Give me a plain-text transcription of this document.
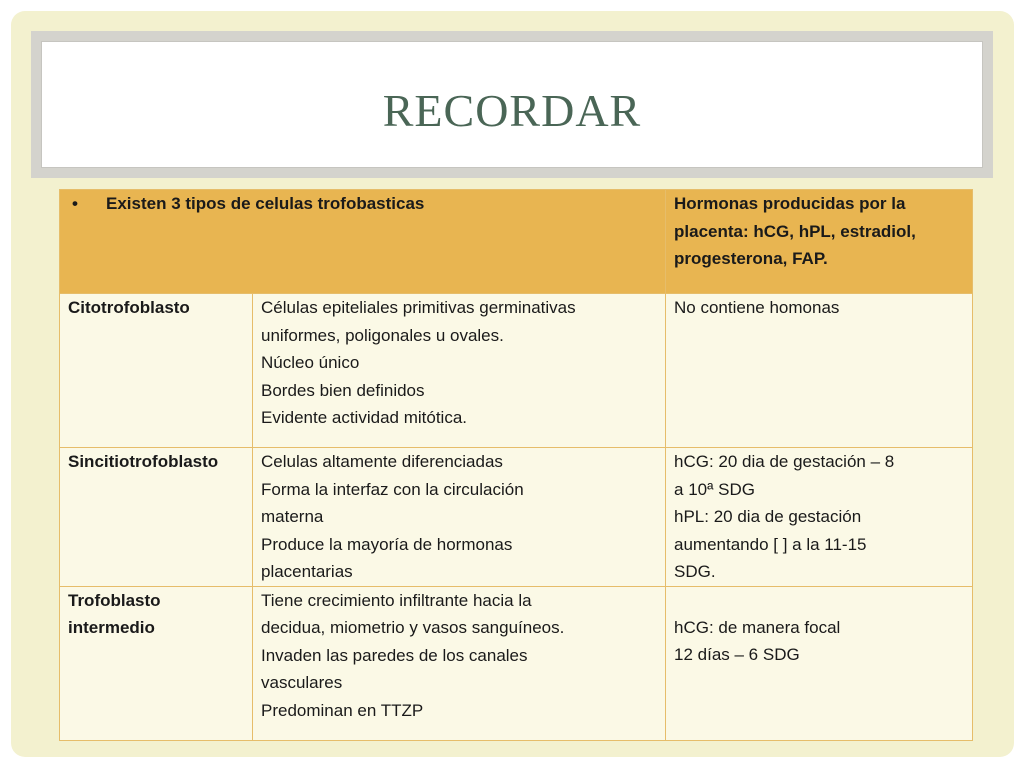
RECORDAR
• Existen 3 tipos de celulas trofobasticas		Hormonas producidas por la placenta: hCG, hPL, estradiol, progesterona, FAP.

Citotrofoblasto	Células epiteliales primitivas germinativas
uniformes, poligonales u ovales.
Núcleo único
Bordes bien definidos
Evidente actividad mitótica.	No contiene homonas

Sincitiotrofoblasto	Celulas altamente diferenciadas
Forma la interfaz con la circulación
materna
Produce la mayoría de hormonas
placentarias	hCG: 20 dia de gestación – 8
a 10ª SDG
hPL: 20 dia de gestación
aumentando [ ] a la 11-15
SDG.

Trofoblasto
intermedio	Tiene crecimiento infiltrante hacia la
decidua, miometrio y vasos sanguíneos.
Invaden las paredes de los canales
vasculares
Predominan en TTZP	hCG: de manera focal
12 días – 6 SDG
